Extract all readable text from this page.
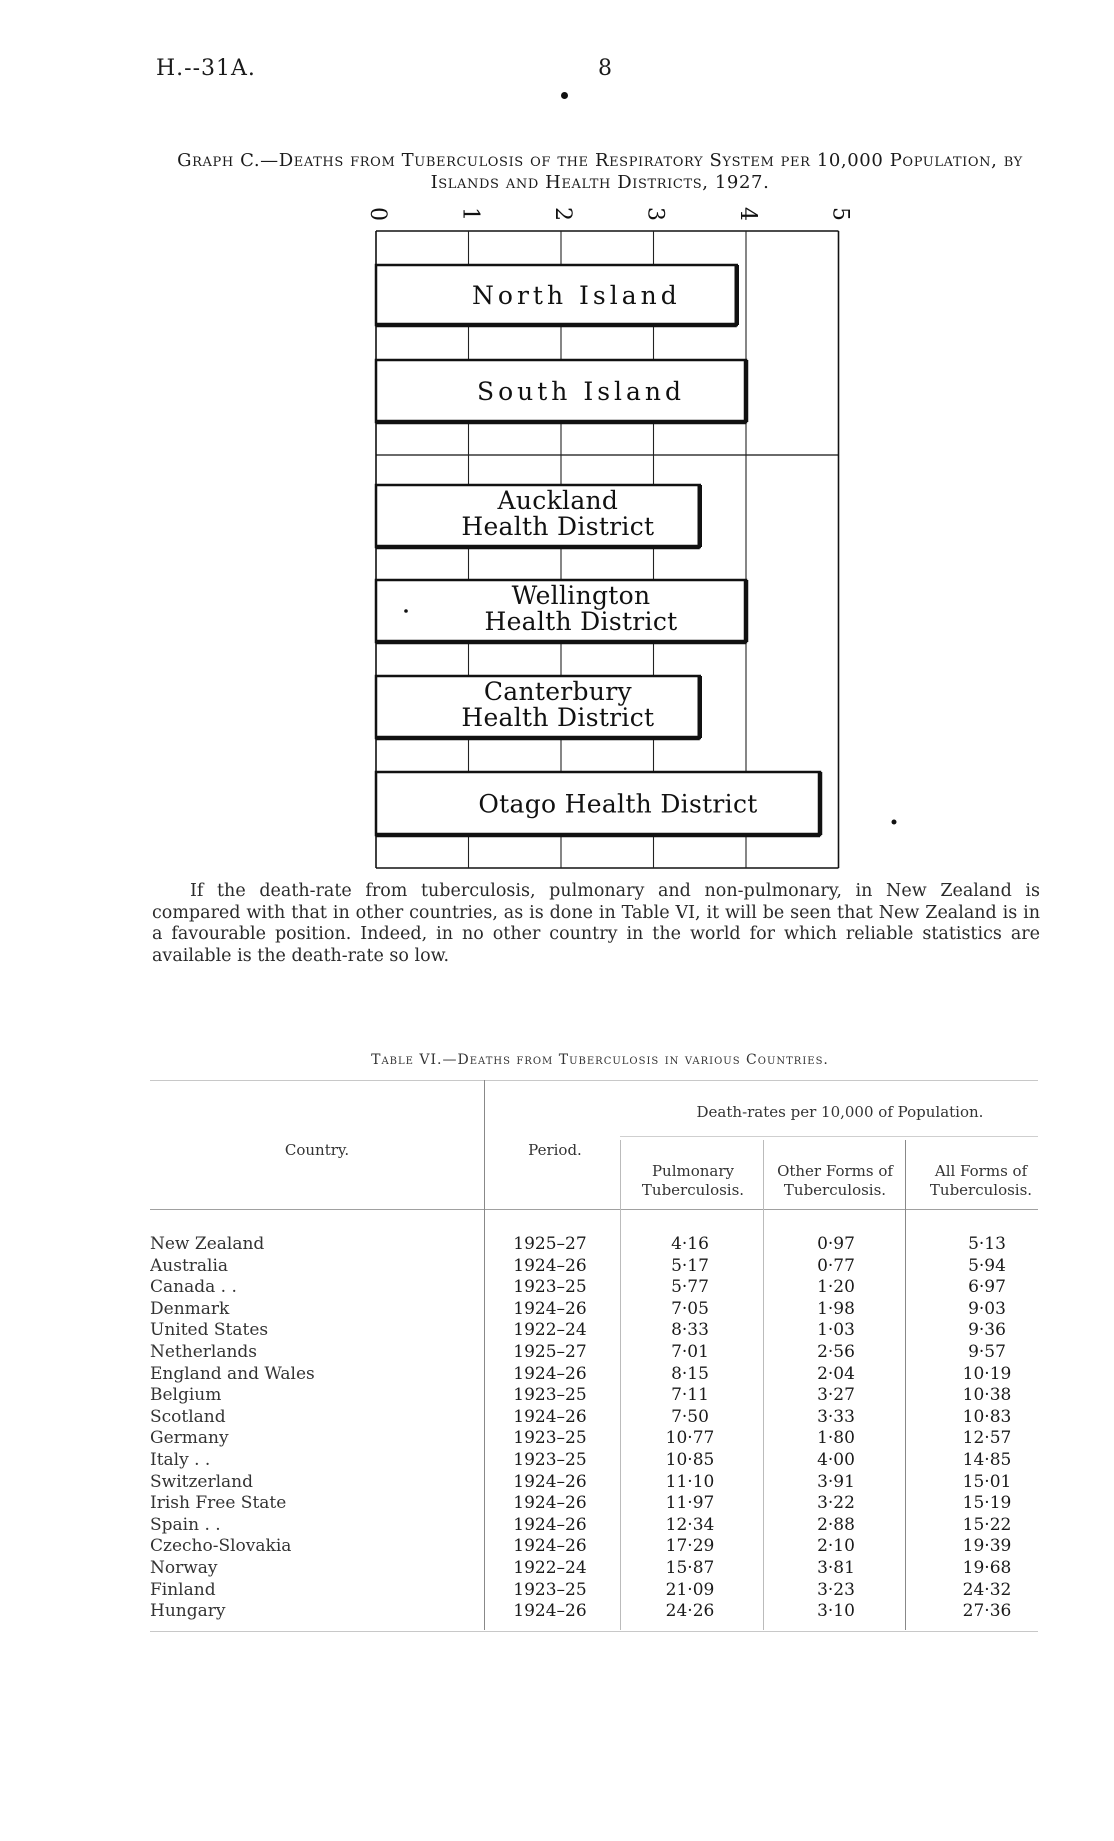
H.--31A.	8
Graph C.—Deaths from Tuberculosis of the Respiratory System per 10,000 Population, by
Islands and Health Districts, 1927.
0	1	2	3	4	5
North Island
South Island
Auckland
Health District
Wellington
Health District
Canterbury
Health District
Otago Health District
If the death-rate from tuberculosis, pulmonary and non-pulmonary, in New Zealand is compared with that in other countries, as is done in Table VI, it will be seen that New Zealand is in a favourable position. Indeed, in no other country in the world for which reliable statistics are available is the death-rate so low.
Table VI.—Deaths from Tuberculosis in various Countries.
Country.	Period.
Death-rates per 10,000 of Population.
Pulmonary
Tuberculosis.
Other Forms of
Tuberculosis.
All Forms of
Tuberculosis.
New Zealand	1925–27	4·16	0·97	5·13
Australia	1924–26	5·17	0·77	5·94
Canada . .	1923–25	5·77	1·20	6·97
Denmark	1924–26	7·05	1·98	9·03
United States	1922–24	8·33	1·03	9·36
Netherlands	1925–27	7·01	2·56	9·57
England and Wales	1924–26	8·15	2·04	10·19
Belgium	1923–25	7·11	3·27	10·38
Scotland	1924–26	7·50	3·33	10·83
Germany	1923–25	10·77	1·80	12·57
Italy . .	1923–25	10·85	4·00	14·85
Switzerland	1924–26	11·10	3·91	15·01
Irish Free State	1924–26	11·97	3·22	15·19
Spain . .	1924–26	12·34	2·88	15·22
Czecho-Slovakia	1924–26	17·29	2·10	19·39
Norway	1922–24	15·87	3·81	19·68
Finland	1923–25	21·09	3·23	24·32
Hungary	1924–26	24·26	3·10	27·36
